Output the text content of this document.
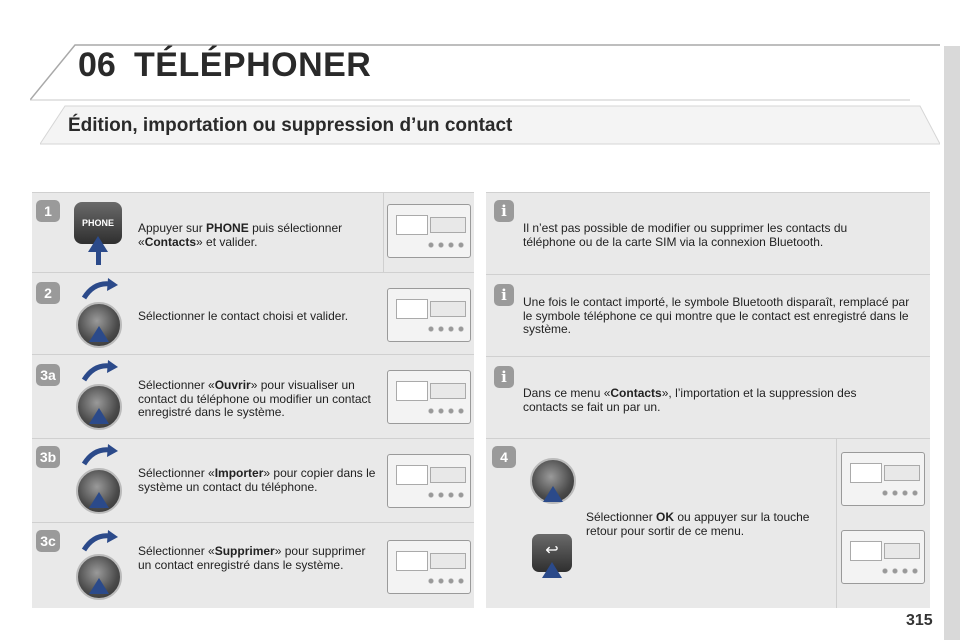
06 TÉLÉPHONER
Édition, importation ou suppression d’un contact
1
PHONE	Appuyer sur PHONE puis sélectionner «Contacts» et valider.
2
Sélectionner le contact choisi et valider.
3a
Sélectionner «Ouvrir» pour visualiser un contact du téléphone ou modifier un contact enregistré dans le système.
3b
Sélectionner «Importer» pour copier dans le système un contact du téléphone.
3c
Sélectionner «Supprimer» pour supprimer un contact enregistré dans le système.
i
Il n’est pas possible de modifier ou supprimer les contacts du téléphone ou de la carte SIM via la connexion Bluetooth.
i	Une fois le contact importé, le symbole Bluetooth disparaît, remplacé par le symbole téléphone ce qui montre que le contact est enregistré dans le système.
i
Dans ce menu «Contacts», l’importation et la suppression des contacts se fait un par un.
4
↩
Sélectionner OK ou appuyer sur la touche retour pour sortir de ce menu.
315
